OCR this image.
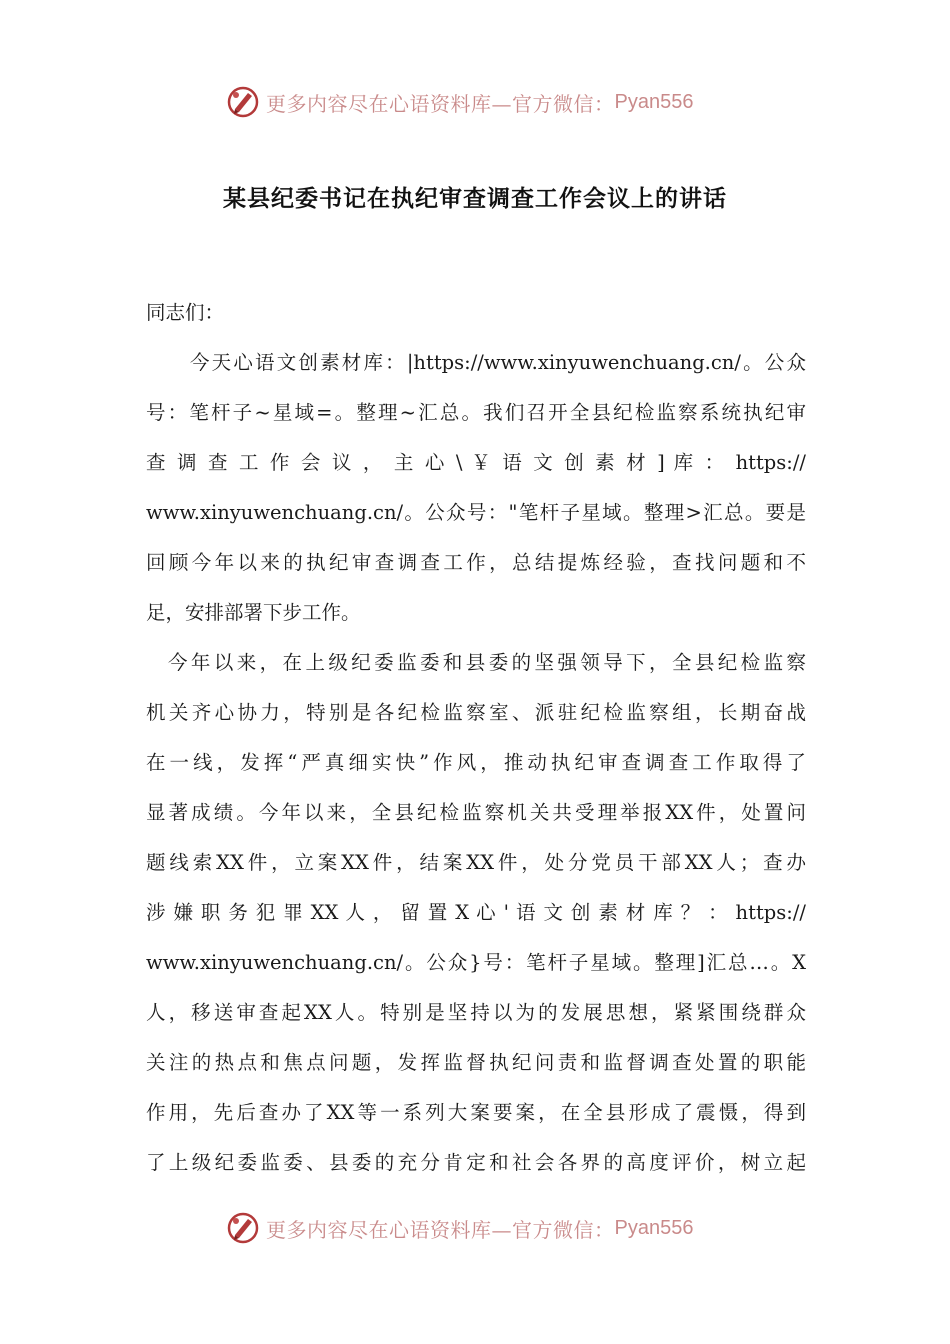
更多内容尽在心语资料库—官方微信： Pyan556
某县纪委书记在执纪审查调查工作会议上的讲话
同志们：
今天心语文创素材库：|https://www.xinyuwenchuang.cn/。公众
号：笔杆子~星域=。整理~汇总。我们召开全县纪检监察系统执纪审
查 调 查 工 作 会 议 ， 主 心 \ ￥ 语 文 创 素 材 ] 库 ： https://
www.xinyuwenchuang.cn/。公众号："笔杆子星域。整理>汇总。要是
回顾今年以来的执纪审查调查工作，总结提炼经验，查找问题和不
足，安排部署下步工作。
今年以来，在上级纪委监委和县委的坚强领导下，全县纪检监察
机关齐心协力，特别是各纪检监察室、派驻纪检监察组，长期奋战
在一线，发挥“严真细实快”作风，推动执纪审查调查工作取得了
显著成绩。今年以来，全县纪检监察机关共受理举报XX件，处置问
题线索XX件，立案XX件，结案XX件，处分党员干部XX人；查办
涉 嫌 职 务 犯 罪 XX 人 ， 留 置 X 心 ' 语 文 创 素 材 库 ？ ： https://
www.xinyuwenchuang.cn/。公众}号：笔杆子星域。整理]汇总…。X
人，移送审查起XX人。特别是坚持以为的发展思想，紧紧围绕群众
关注的热点和焦点问题，发挥监督执纪问责和监督调查处置的职能
作用，先后查办了XX等一系列大案要案，在全县形成了震慑，得到
了上级纪委监委、县委的充分肯定和社会各界的高度评价，树立起
更多内容尽在心语资料库—官方微信： Pyan556
